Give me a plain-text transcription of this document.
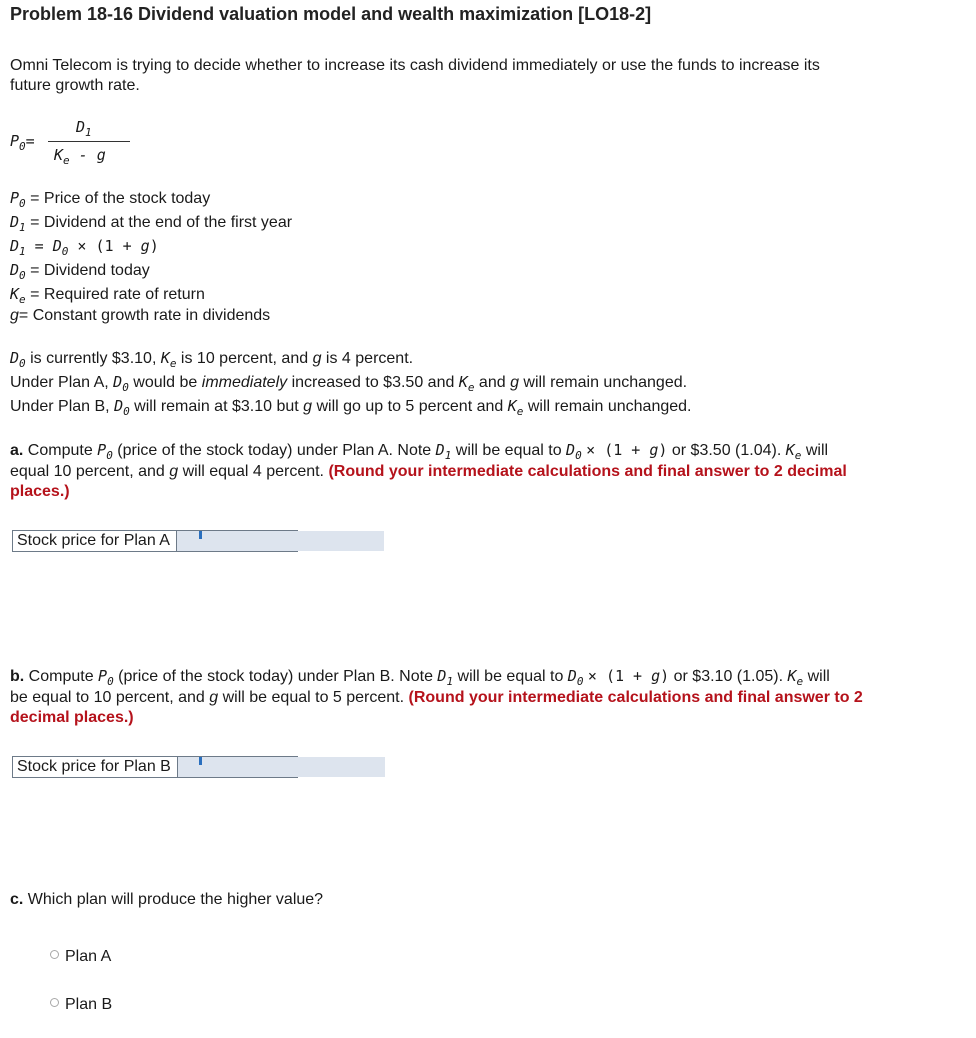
Problem 18-16 Dividend valuation model and wealth maximization [LO18-2]
Omni Telecom is trying to decide whether to increase its cash dividend immediately or use the funds to increase its
future growth rate.
$P_0=$
$D_1$
$K_e$ - g
$P_0$ = Price of the stock today
$D_1$ = Dividend at the end of the first year
$D_1 = D_0 \times (1 + g)$
$D_0$ = Dividend today
$K_e$ = Required rate of return
g= Constant growth rate in dividends
$D_0$ is currently $3.10, $K_e$ is 10 percent, and g is 4 percent.
Under Plan A, $D_0$ would be immediately increased to $3.50 and $K_e$ and g will remain unchanged.
Under Plan B, $D_0$ will remain at $3.10 but g will go up to 5 percent and $K_e$ will remain unchanged.
a. Compute $P_0$ (price of the stock today) under Plan A. Note $D_1$ will be equal to $D_0 \times (1 + g)$ or $3.50 (1.04). $K_e$ will
equal 10 percent, and g will equal 4 percent. (Round your intermediate calculations and final answer to 2 decimal
places.)
Stock price for Plan A
b. Compute $P_0$ (price of the stock today) under Plan B. Note $D_1$ will be equal to $D_0 \times (1 + g)$ or $3.10 (1.05). $K_e$ will
be equal to 10 percent, and g will be equal to 5 percent. (Round your intermediate calculations and final answer to 2
decimal places.)
Stock price for Plan B
c. Which plan will produce the higher value?
Plan A
Plan B
